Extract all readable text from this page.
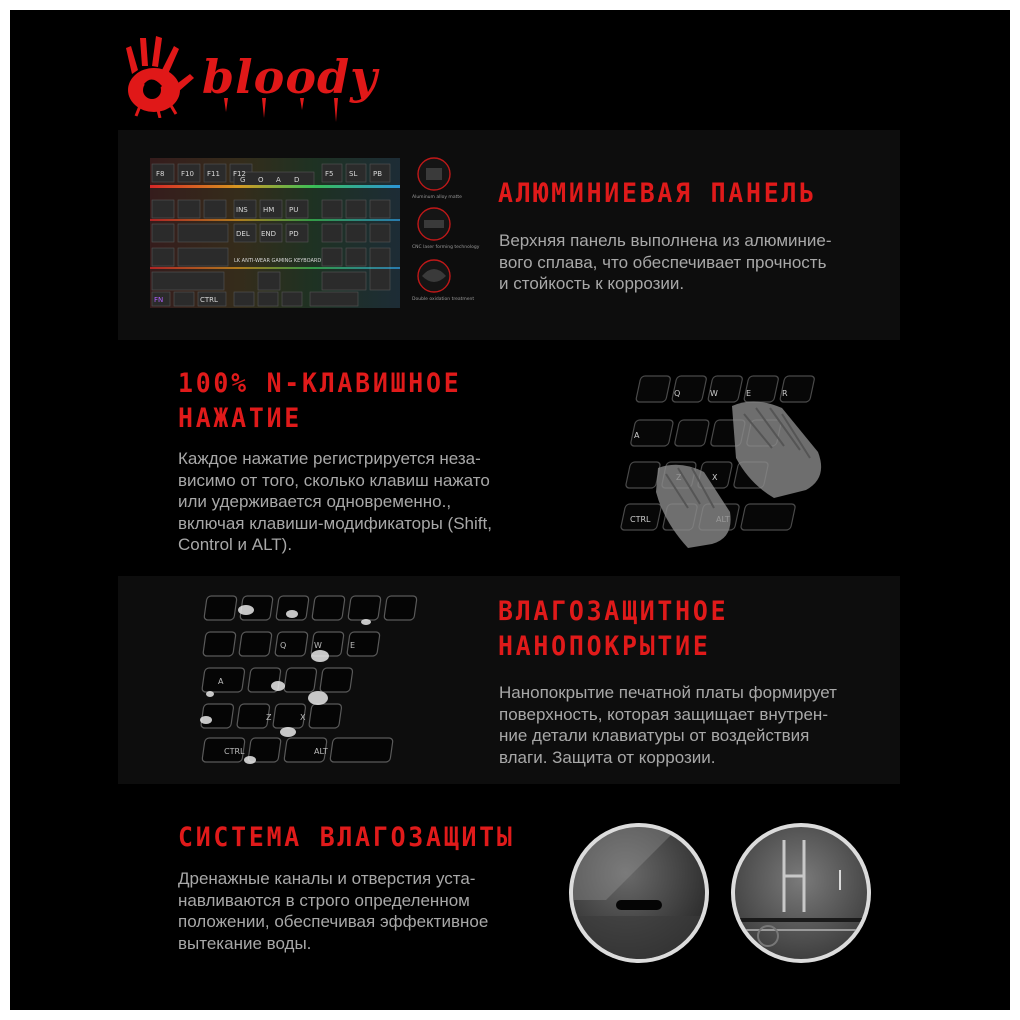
bloody
F8 F10 F11 F12
G O A D
INS HM PU
DEL END PD
F5 SL PB
FN	CTRL
LK ANTI-WEAR GAMING KEYBOARD
Aluminum alloy matte
CNC laser forming technology
Double oxidation treatment
АЛЮМИНИЕВАЯ ПАНЕЛЬ
Верхняя панель выполнена из алюминие-
вого сплава, что обеспечивает прочность
и стойкость к коррозии.
100% N-КЛАВИШНОЕ
НАЖАТИЕ
Каждое нажатие регистрируется неза-
висимо от того, сколько клавиш нажато
или удерживается одновременно.,
включая клавиши-модификаторы (Shift,
Control и ALT).
Q	W	E	R
A
X
CTRL
Q	W	E
A
Z	X
CTRL	ALT
ВЛАГОЗАЩИТНОЕ
НАНОПОКРЫТИЕ
Нанопокрытие печатной платы формирует
поверхность, которая защищает внутрен-
ние детали клавиатуры от воздействия
влаги. Защита от коррозии.
СИСТЕМА ВЛАГОЗАЩИТЫ
Дренажные каналы и отверстия уста-
навливаются в строго определенном
положении, обеспечивая эффективное
вытекание воды.
